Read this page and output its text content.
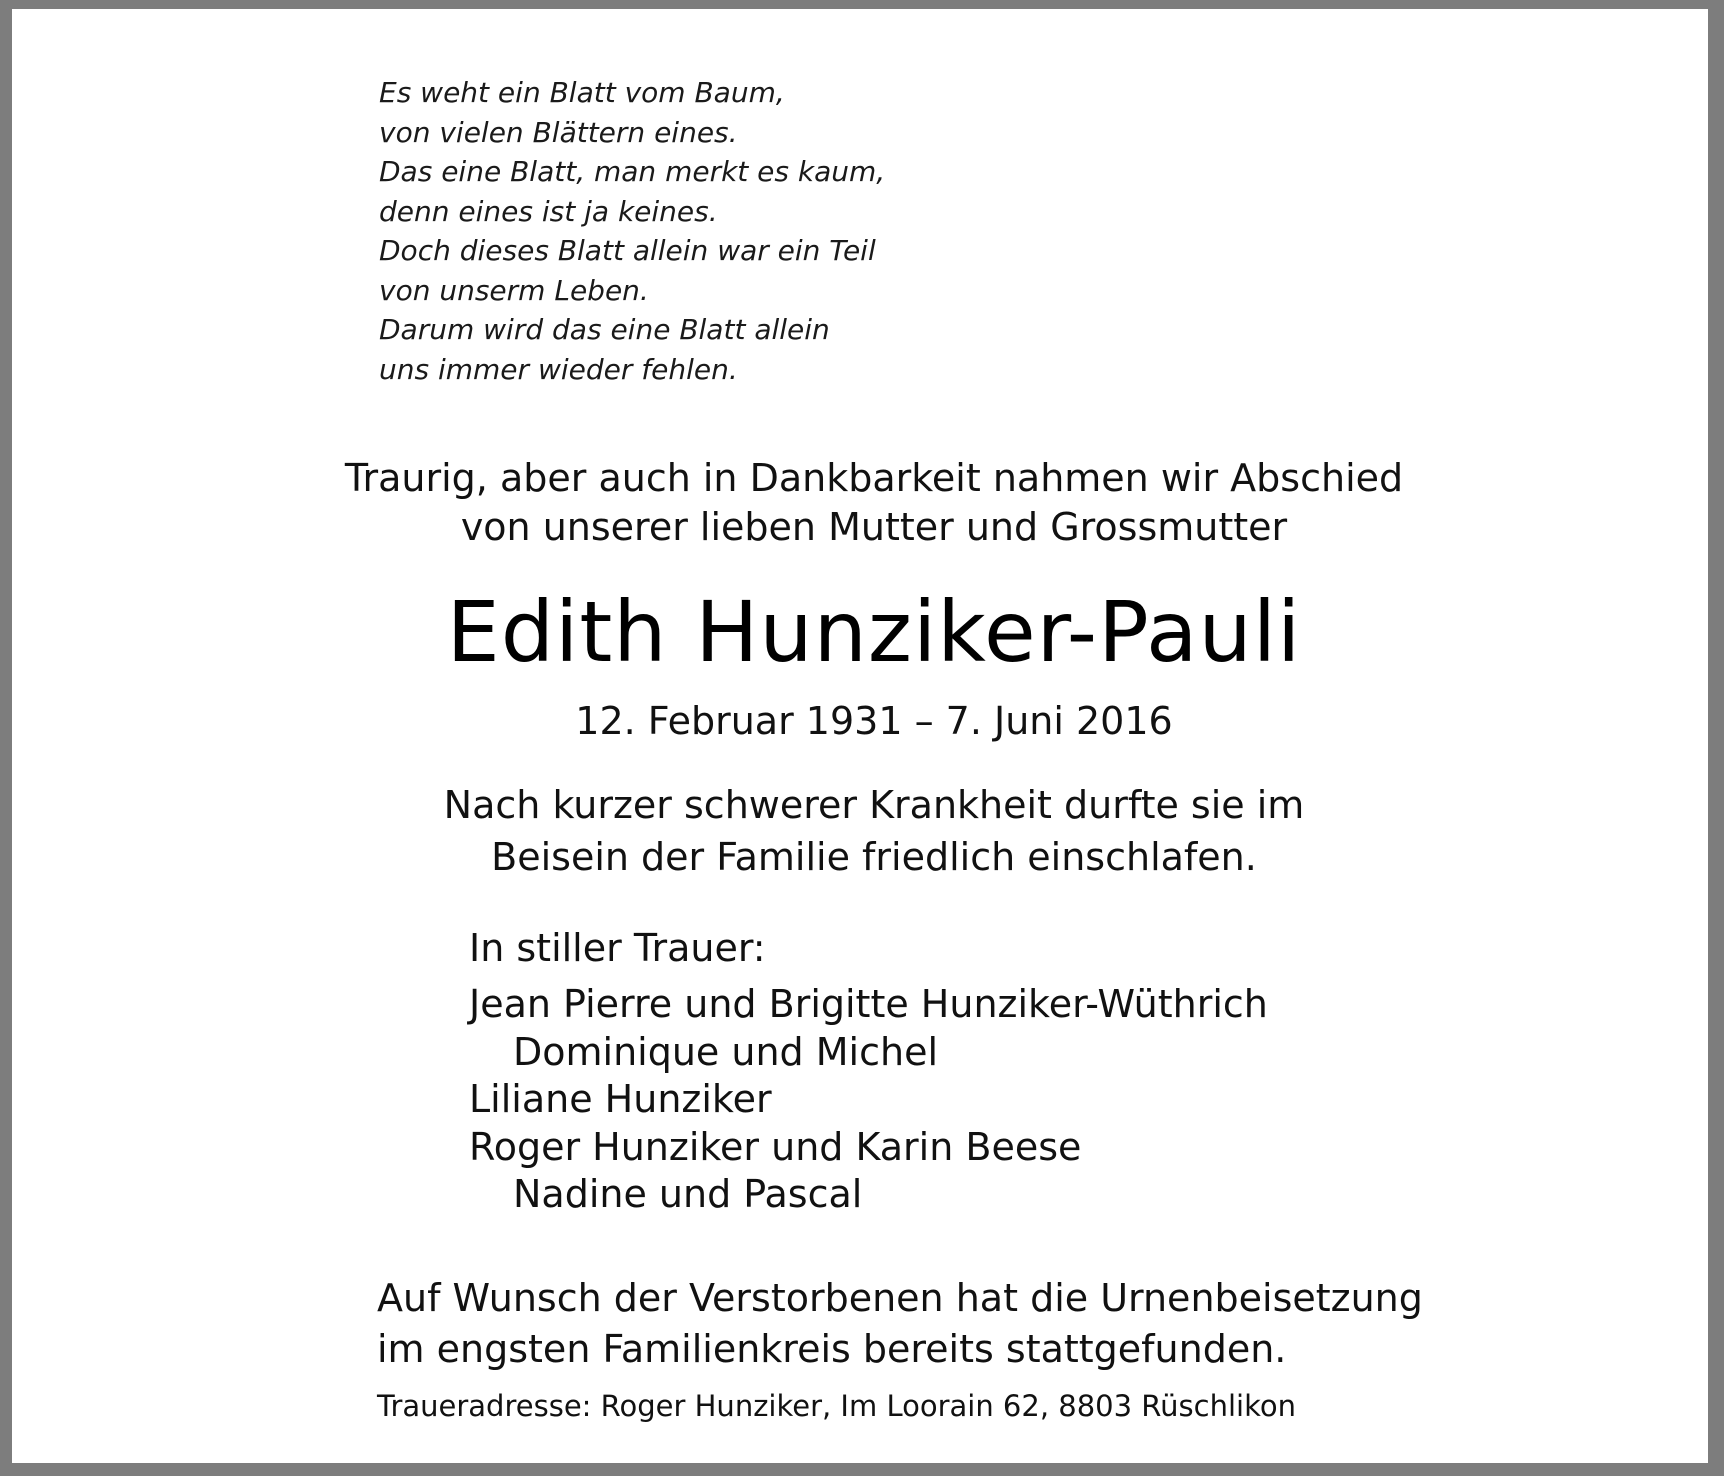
Es weht ein Blatt vom Baum,
von vielen Blättern eines.
Das eine Blatt, man merkt es kaum,
denn eines ist ja keines.
Doch dieses Blatt allein war ein Teil
von unserm Leben.
Darum wird das eine Blatt allein
uns immer wieder fehlen.
Traurig, aber auch in Dankbarkeit nahmen wir Abschied
von unserer lieben Mutter und Grossmutter
Edith Hunziker-Pauli
12. Februar 1931 – 7. Juni 2016
Nach kurzer schwerer Krankheit durfte sie im
Beisein der Familie friedlich einschlafen.
In stiller Trauer:
Jean Pierre und Brigitte Hunziker-Wüthrich
Dominique und Michel
Liliane Hunziker
Roger Hunziker und Karin Beese
Nadine und Pascal
Auf Wunsch der Verstorbenen hat die Urnenbeisetzung
im engsten Familienkreis bereits stattgefunden.
Traueradresse: Roger Hunziker, Im Loorain 62, 8803 Rüschlikon
